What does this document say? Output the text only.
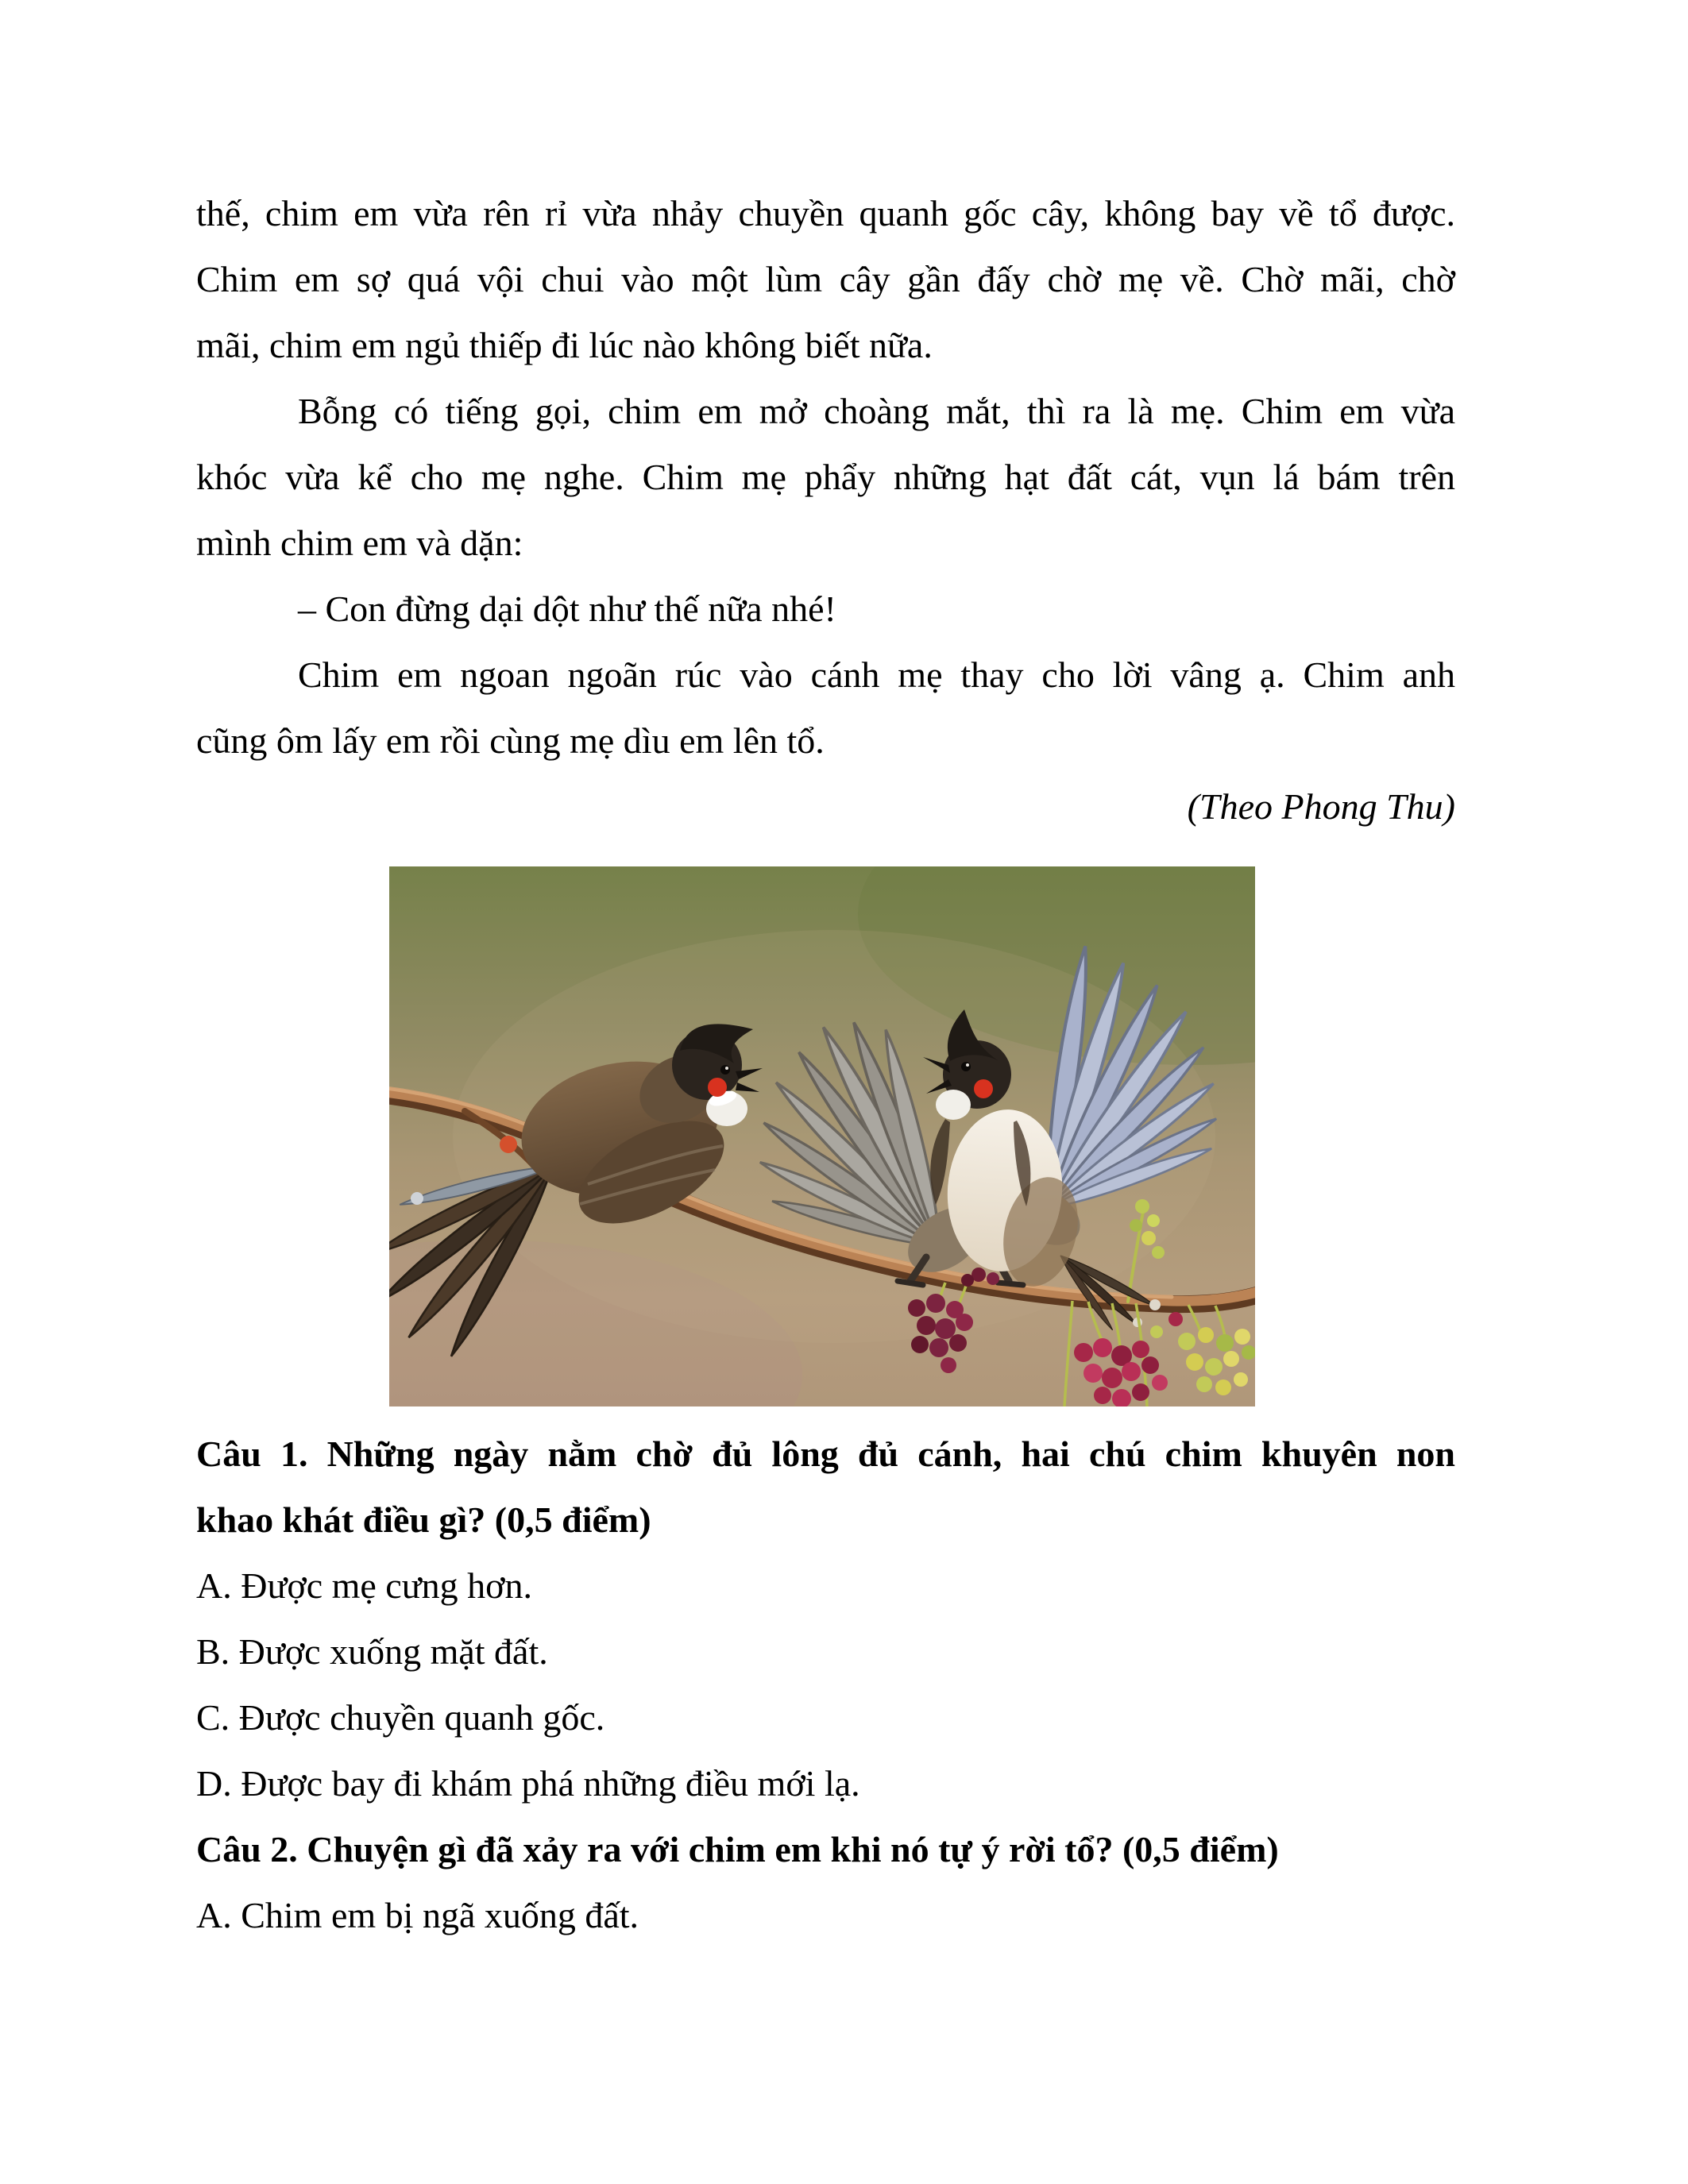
thế, chim em vừa rên rỉ vừa nhảy chuyền quanh gốc cây, không bay về tổ được.
Chim em sợ quá vội chui vào một lùm cây gần đấy chờ mẹ về. Chờ mãi, chờ
mãi, chim em ngủ thiếp đi lúc nào không biết nữa.
Bỗng có tiếng gọi, chim em mở choàng mắt, thì ra là mẹ. Chim em vừa
khóc vừa kể cho mẹ nghe. Chim mẹ phẩy những hạt đất cát, vụn lá bám trên
mình chim em và dặn:
– Con đừng dại dột như thế nữa nhé!
Chim em ngoan ngoãn rúc vào cánh mẹ thay cho lời vâng ạ. Chim anh
cũng ôm lấy em rồi cùng mẹ dìu em lên tổ.
(Theo Phong Thu)
Câu 1. Những ngày nằm chờ đủ lông đủ cánh, hai chú chim khuyên non
khao khát điều gì? (0,5 điểm)
A. Được mẹ cưng hơn.
B. Được xuống mặt đất.
C. Được chuyền quanh gốc.
D. Được bay đi khám phá những điều mới lạ.
Câu 2. Chuyện gì đã xảy ra với chim em khi nó tự ý rời tổ? (0,5 điểm)
A. Chim em bị ngã xuống đất.
